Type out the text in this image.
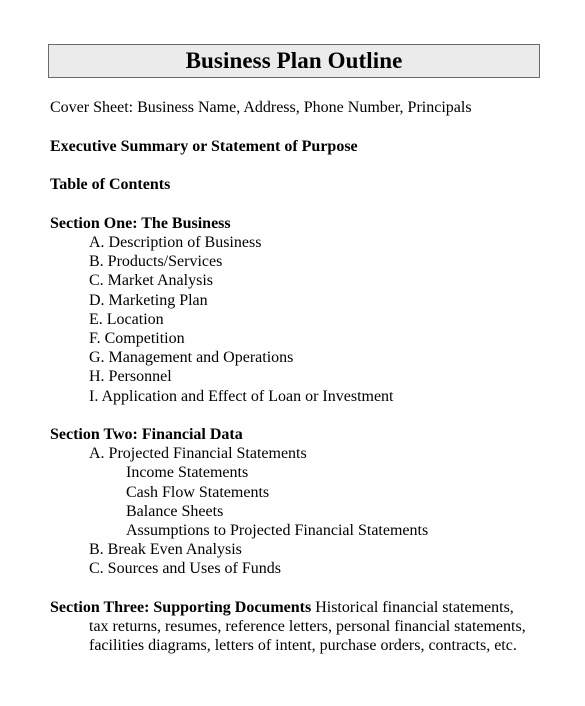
Business Plan Outline
Cover Sheet: Business Name, Address, Phone Number, Principals
Executive Summary or Statement of Purpose
Table of Contents
Section One: The Business
A. Description of Business
B. Products/Services
C. Market Analysis
D. Marketing Plan
E. Location
F. Competition
G. Management and Operations
H. Personnel
I. Application and Effect of Loan or Investment
Section Two: Financial Data
A. Projected Financial Statements
Income Statements
Cash Flow Statements
Balance Sheets
Assumptions to Projected Financial Statements
B. Break Even Analysis
C. Sources and Uses of Funds
Section Three: Supporting Documents Historical financial statements,
tax returns, resumes, reference letters, personal financial statements,
facilities diagrams, letters of intent, purchase orders, contracts, etc.
